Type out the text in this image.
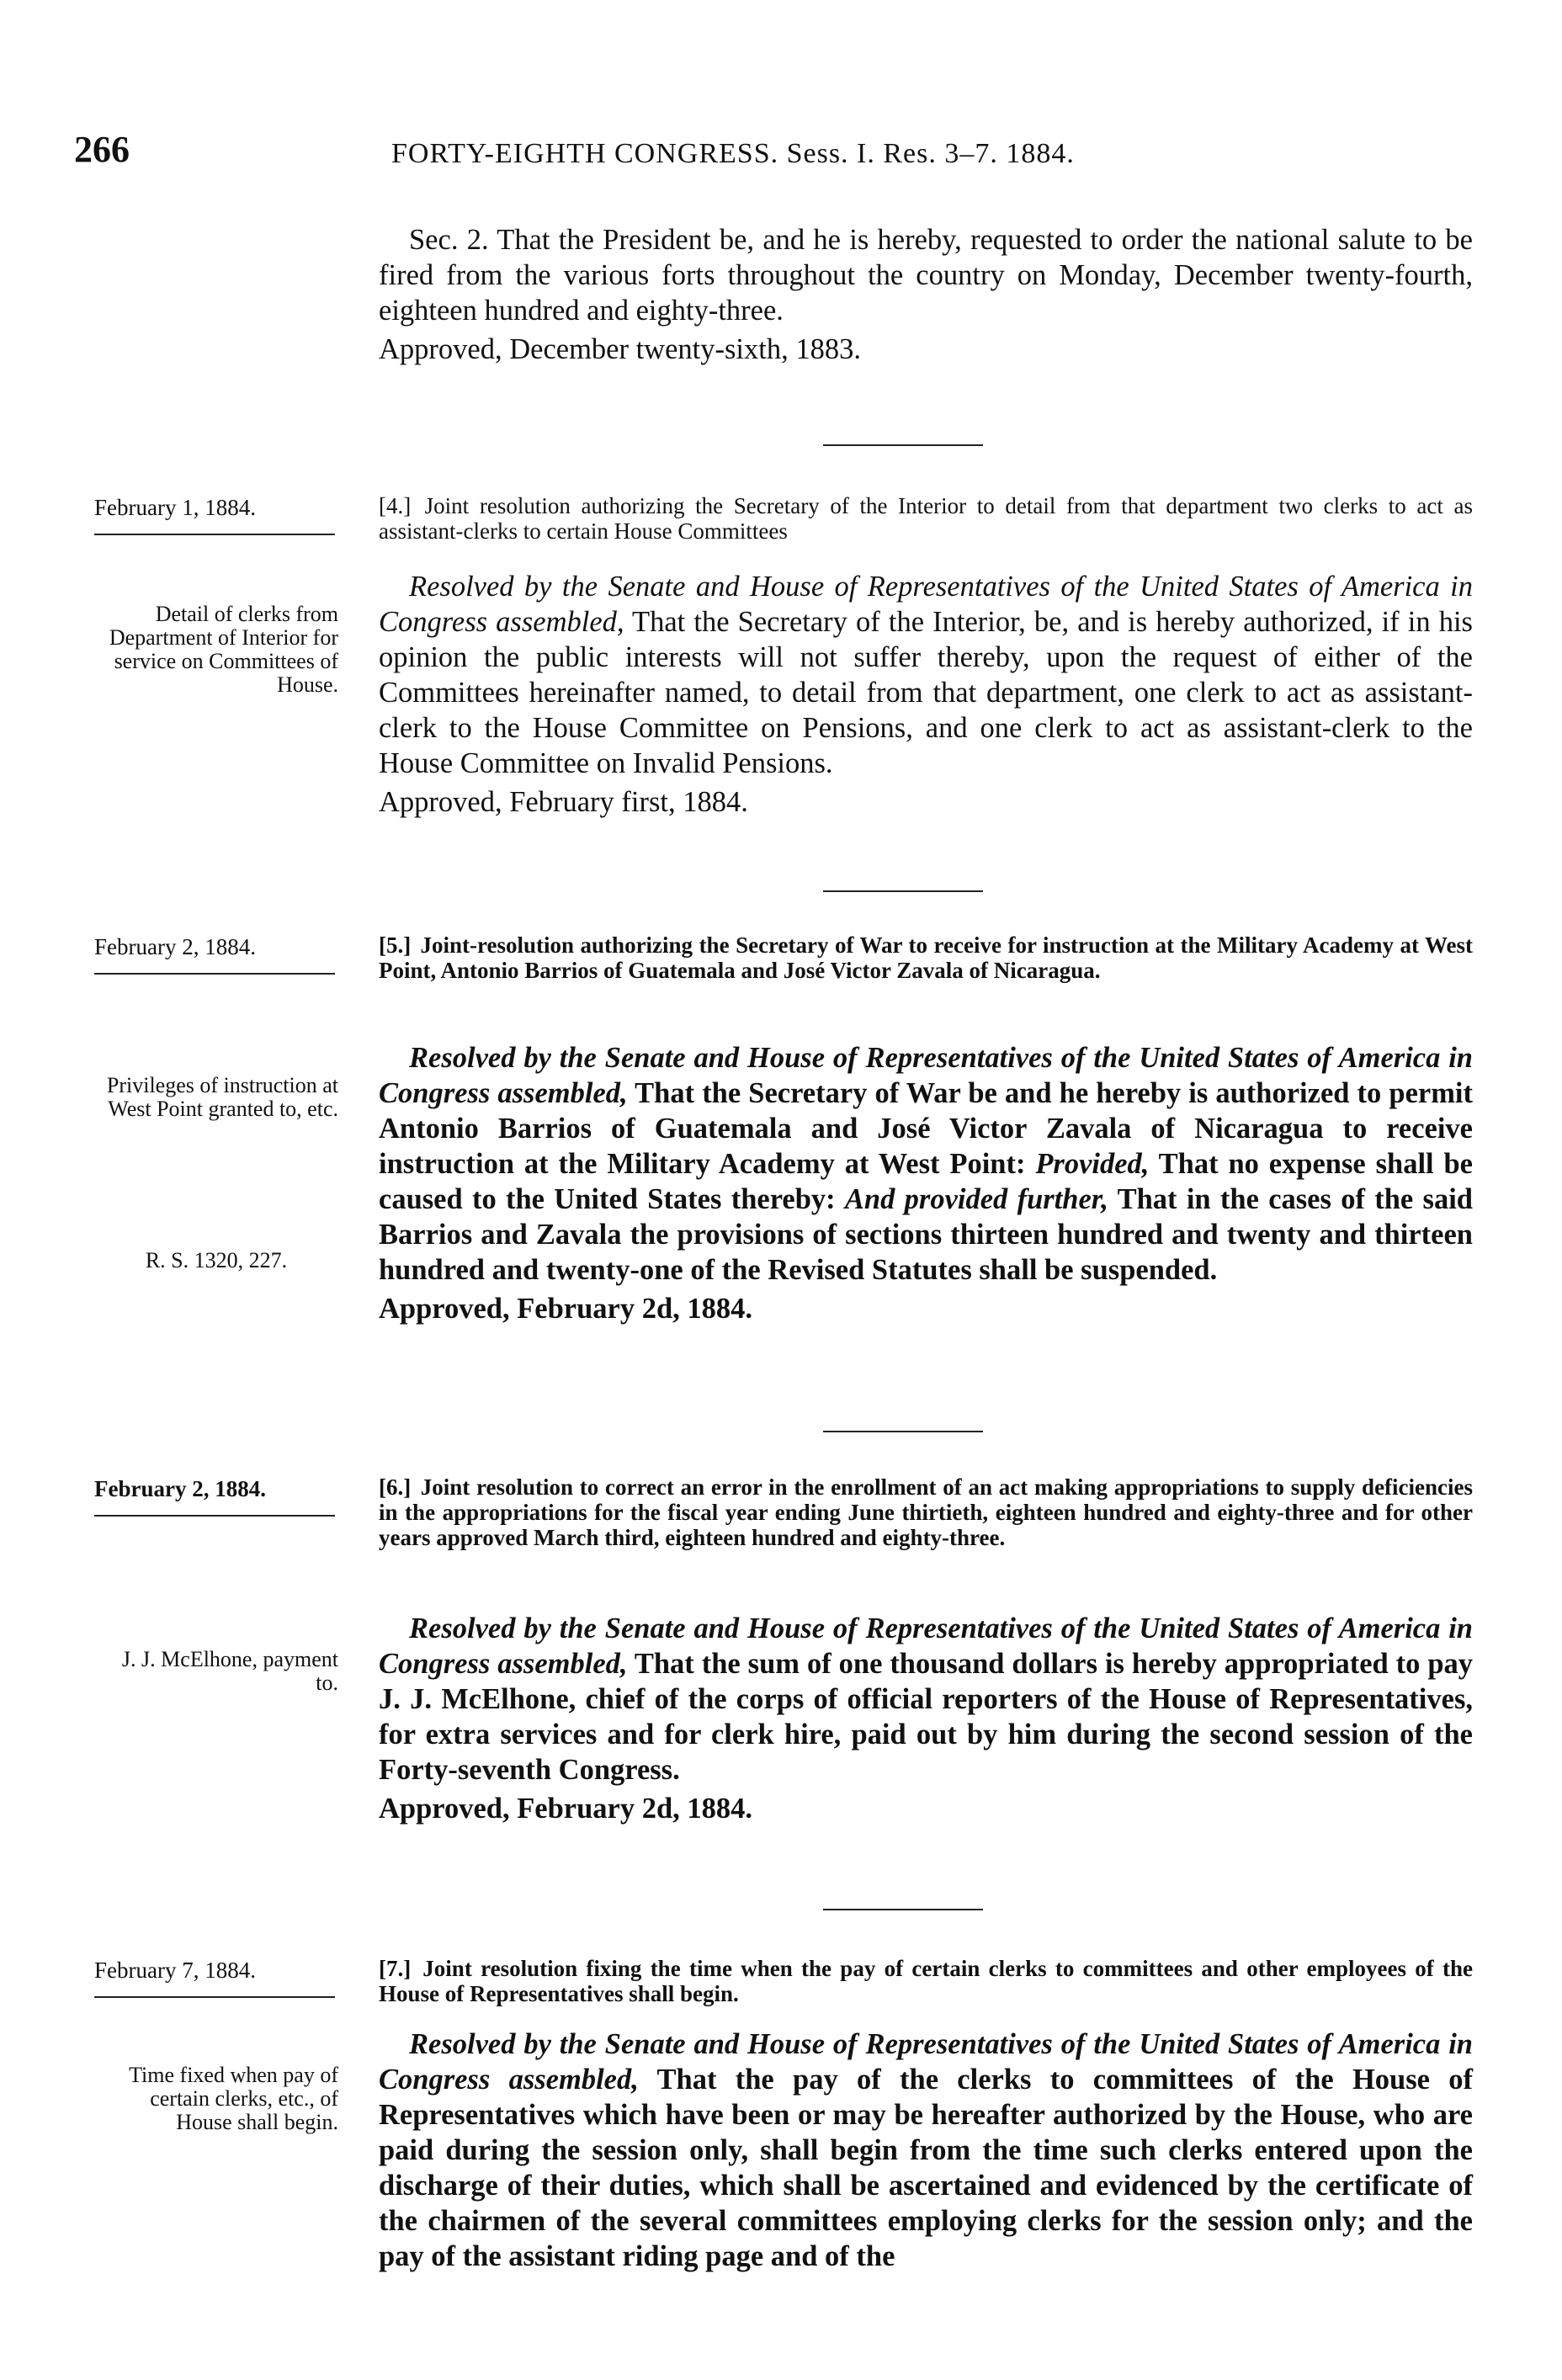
266	FORTY-EIGHTH CONGRESS. Sess. I. Res. 3–7. 1884.

Sec. 2. That the President be, and he is hereby, requested to order the national salute to be fired from the various forts throughout the country on Monday, December twenty-fourth, eighteen hundred and eighty-three.

Approved, December twenty-sixth, 1883.

February 1, 1884.	[4.] Joint resolution authorizing the Secretary of the Interior to detail from that department two clerks to act as assistant-clerks to certain House Committees
Detail of clerks from Department of Interior for service on Committees of House.

Resolved by the Senate and House of Representatives of the United States of America in Congress assembled, That the Secretary of the Interior, be, and is hereby authorized, if in his opinion the public interests will not suffer thereby, upon the request of either of the Committees hereinafter named, to detail from that department, one clerk to act as assistant-clerk to the House Committee on Pensions, and one clerk to act as assistant-clerk to the House Committee on Invalid Pensions.

Approved, February first, 1884.

February 2, 1884.	[5.] Joint-resolution authorizing the Secretary of War to receive for instruction at the Military Academy at West Point, Antonio Barrios of Guatemala and José Victor Zavala of Nicaragua.
Privileges of instruction at West Point granted to, etc.
R. S. 1320, 227.

Resolved by the Senate and House of Representatives of the United States of America in Congress assembled, That the Secretary of War be and he hereby is authorized to permit Antonio Barrios of Guatemala and José Victor Zavala of Nicaragua to receive instruction at the Military Academy at West Point: Provided, That no expense shall be caused to the United States thereby: And provided further, That in the cases of the said Barrios and Zavala the provisions of sections thirteen hundred and twenty and thirteen hundred and twenty-one of the Revised Statutes shall be suspended.

Approved, February 2d, 1884.

February 2, 1884.	[6.] Joint resolution to correct an error in the enrollment of an act making appropriations to supply deficiencies in the appropriations for the fiscal year ending June thirtieth, eighteen hundred and eighty-three and for other years approved March third, eighteen hundred and eighty-three.
J. J. McElhone, payment to.

Resolved by the Senate and House of Representatives of the United States of America in Congress assembled, That the sum of one thousand dollars is hereby appropriated to pay J. J. McElhone, chief of the corps of official reporters of the House of Representatives, for extra services and for clerk hire, paid out by him during the second session of the Forty-seventh Congress.

Approved, February 2d, 1884.

February 7, 1884.	[7.] Joint resolution fixing the time when the pay of certain clerks to committees and other employees of the House of Representatives shall begin.
Time fixed when pay of certain clerks, etc., of House shall begin.

Resolved by the Senate and House of Representatives of the United States of America in Congress assembled, That the pay of the clerks to committees of the House of Representatives which have been or may be hereafter authorized by the House, who are paid during the session only, shall begin from the time such clerks entered upon the discharge of their duties, which shall be ascertained and evidenced by the certificate of the chairmen of the several committees employing clerks for the session only; and the pay of the assistant riding page and of the
